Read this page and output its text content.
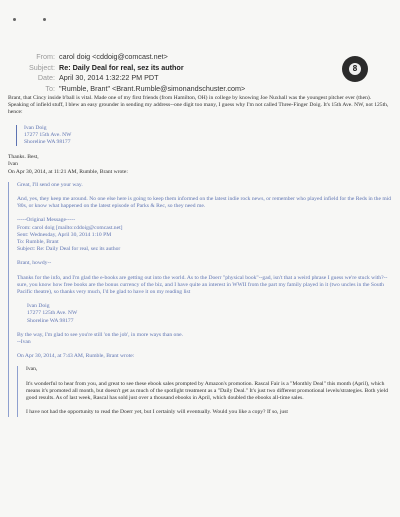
From: carol doig <cddoig@comcast.net>
Subject: Re: Daily Deal for real, sez its author
Date: April 30, 2014 1:32:22 PM PDT
To: "Rumble, Brant" <Brant.Rumble@simonandschuster.com>
8

Brant, that Cincy inside b'ball is vital. Made one of my first friends (from Hamilton, OH) in college by knowing Joe Nuxhall was the youngest pitcher ever (then). Speaking of infield stuff, I blew an easy grounder in sending my address--one digit too many, I guess why I'm not called Three-Finger Doig. It's 15th Ave. NW, not 125th, hence:

Ivan Doig

17277 15th Ave. NW

Shoreline WA 98177

Thanks. Best,

Ivan

On Apr 30, 2014, at 11:21 AM, Rumble, Brant wrote:

Great, I'll send one your way.

And, yes, they keep me around. No one else here is going to keep them informed on the latest indie rock news, or remember who played infield for the Reds in the mid '80s, or know what happened on the latest episode of Parks & Rec, so they need me.

-----Original Message-----

From: carol doig [mailto:cddoig@comcast.net]

Sent: Wednesday, April 30, 2014 1:10 PM

To: Rumble, Brant

Subject: Re: Daily Deal for real, sez its author

Brant, howdy--

Thanks for the info, and I'm glad the e-books are getting out into the world. As to the Doerr "physical book"--gad, isn't that a weird phrase I guess we're stuck with?--sure, you know how free books are the bonus currency of the biz, and I have quite an interest in WWII from the part my family played in it (two uncles in the South Pacific theatre), so thanks very much, I'd be glad to have it on my reading list

Ivan Doig

17277 125th Ave. NW

Shoreline WA 98177

By the way, I'm glad to see you're still 'on the job', in more ways than one.

--Ivan

On Apr 30, 2014, at 7:43 AM, Rumble, Brant wrote:

Ivan,

It's wonderful to hear from you, and great to see these ebook sales prompted by Amazon's promotion. Rascal Fair is a "Monthly Deal" this month (April), which means it's promoted all month, but doesn't get as much of the spotlight treatment as a "Daily Deal." It's just two different promotional levels/strategies. Both yield good results. As of last week, Rascal has sold just over a thousand ebooks in April, which doubled the ebooks all-time sales.

I have not had the opportunity to read the Doerr yet, but I certainly will eventually. Would you like a copy? If so, just
